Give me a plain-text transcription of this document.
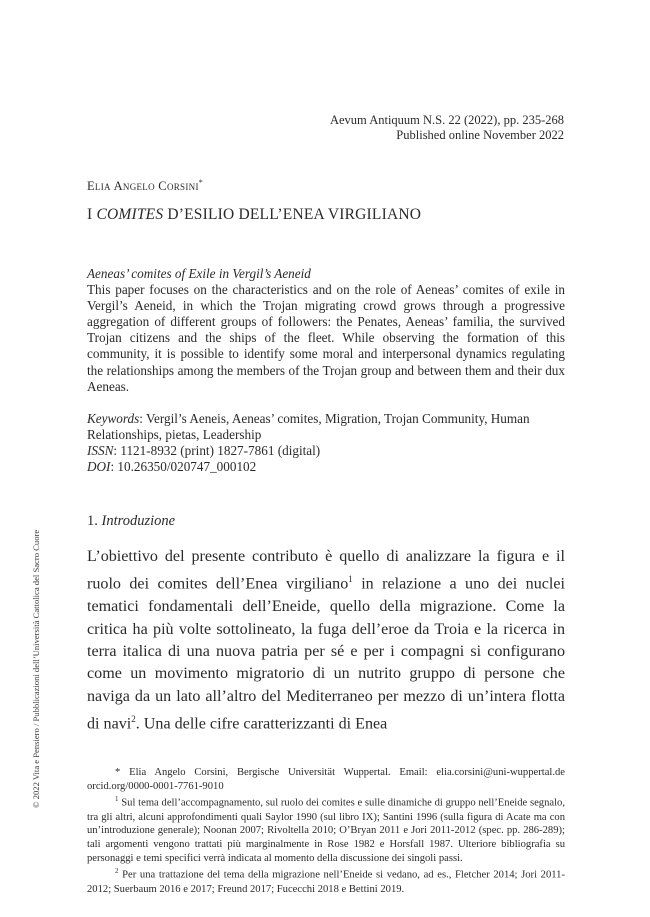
Aevum Antiquum N.S. 22 (2022), pp. 235-268
Published online November 2022
Elia Angelo Corsini*
I COMITES D’ESILIO DELL’ENEA VIRGILIANO
Aeneas’ comites of Exile in Vergil’s Aeneid
This paper focuses on the characteristics and on the role of Aeneas’ comites of exile in Vergil’s Aeneid, in which the Trojan migrating crowd grows through a progressive aggregation of different groups of followers: the Penates, Aeneas’ familia, the survived Trojan citizens and the ships of the fleet. While observing the formation of this community, it is possible to identify some moral and interpersonal dynamics regulating the relationships among the members of the Trojan group and between them and their dux Aeneas.

Keywords: Vergil’s Aeneis, Aeneas’ comites, Migration, Trojan Community, Human Relationships, pietas, Leadership

ISSN: 1121-8932 (print) 1827-7861 (digital)

DOI: 10.26350/020747_000102

1. Introduzione
L’obiettivo del presente contributo è quello di analizzare la figura e il ruolo dei comites dell’Enea virgiliano$^1$ in relazione a uno dei nuclei tematici fondamentali dell’Eneide, quello della migrazione. Come la critica ha più volte sottolineato, la fuga dell’eroe da Troia e la ricerca in terra italica di una nuova patria per sé e per i compagni si configurano come un movimento migratorio di un nutrito gruppo di persone che naviga da un lato all’altro del Mediterraneo per mezzo di un’intera flotta di navi$^2$. Una delle cifre caratterizzanti di Enea

* Elia Angelo Corsini, Bergische Universität Wuppertal. Email: elia.corsini@uni-wuppertal.de orcid.org/0000-0001-7761-9010

$^1$ Sul tema dell’accompagnamento, sul ruolo dei comites e sulle dinamiche di gruppo nell’Eneide segnalo, tra gli altri, alcuni approfondimenti quali Saylor 1990 (sul libro IX); Santini 1996 (sulla figura di Acate ma con un’introduzione generale); Noonan 2007; Rivoltella 2010; O’Bryan 2011 e Jori 2011-2012 (spec. pp. 286-289); tali argomenti vengono trattati più marginalmente in Rose 1982 e Horsfall 1987. Ulteriore bibliografia su personaggi e temi specifici verrà indicata al momento della discussione dei singoli passi.

$^2$ Per una trattazione del tema della migrazione nell’Eneide si vedano, ad es., Fletcher 2014; Jori 2011-2012; Suerbaum 2016 e 2017; Freund 2017; Fucecchi 2018 e Bettini 2019.

© 2022 Vita e Pensiero / Pubblicazioni dell’Università Cattolica del Sacro Cuore
